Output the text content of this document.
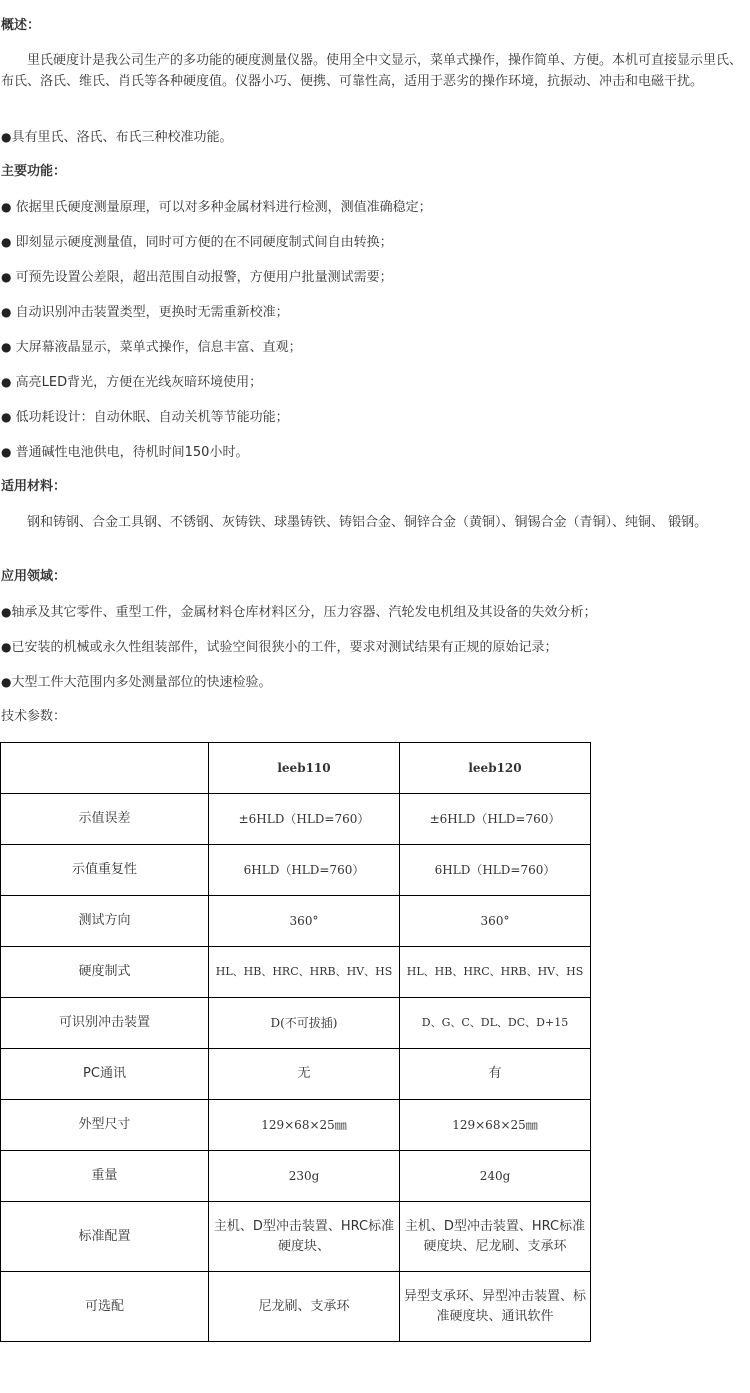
概述：
里氏硬度计是我公司生产的多功能的硬度测量仪器。使用全中文显示，菜单式操作，操作简单、方便。本机可直接显示里氏、布氏、洛氏、维氏、肖氏等各种硬度值。仪器小巧、便携、可靠性高，适用于恶劣的操作环境，抗振动、冲击和电磁干扰。
●具有里氏、洛氏、布氏三种校准功能。
主要功能：
● 依据里氏硬度测量原理，可以对多种金属材料进行检测，测值准确稳定；
● 即刻显示硬度测量值，同时可方便的在不同硬度制式间自由转换；
● 可预先设置公差限，超出范围自动报警，方便用户批量测试需要；
● 自动识别冲击装置类型，更换时无需重新校准；
● 大屏幕液晶显示，菜单式操作，信息丰富、直观；
● 高亮LED背光，方便在光线灰暗环境使用；
● 低功耗设计：自动休眠、自动关机等节能功能；
● 普通碱性电池供电，待机时间150小时。
适用材料：
钢和铸钢、合金工具钢、不锈钢、灰铸铁、球墨铸铁、铸铝合金、铜锌合金（黄铜）、铜锡合金（青铜）、纯铜、 锻钢。
应用领域：
●轴承及其它零件、重型工件，金属材料仓库材料区分，压力容器、汽轮发电机组及其设备的失效分析；
●已安装的机械或永久性组装部件，试验空间很狭小的工件，要求对测试结果有正规的原始记录；
●大型工件大范围内多处测量部位的快速检验。
技术参数：
	leeb110	leeb120
示值误差	±6HLD（HLD=760）	±6HLD（HLD=760）
示值重复性	6HLD（HLD=760）	6HLD（HLD=760）
测试方向	360°	360°
硬度制式	HL、HB、HRC、HRB、HV、HS	HL、HB、HRC、HRB、HV、HS
可识别冲击装置	D(不可拔插)	D、G、C、DL、DC、D+15
PC通讯	无	有
外型尺寸	129×68×25㎜	129×68×25㎜
重量	230g	240g
标准配置	主机、D型冲击装置、HRC标准硬度块、	主机、D型冲击装置、HRC标准硬度块、尼龙刷、支承环
可选配	尼龙刷、支承环	异型支承环、异型冲击装置、标准硬度块、通讯软件
